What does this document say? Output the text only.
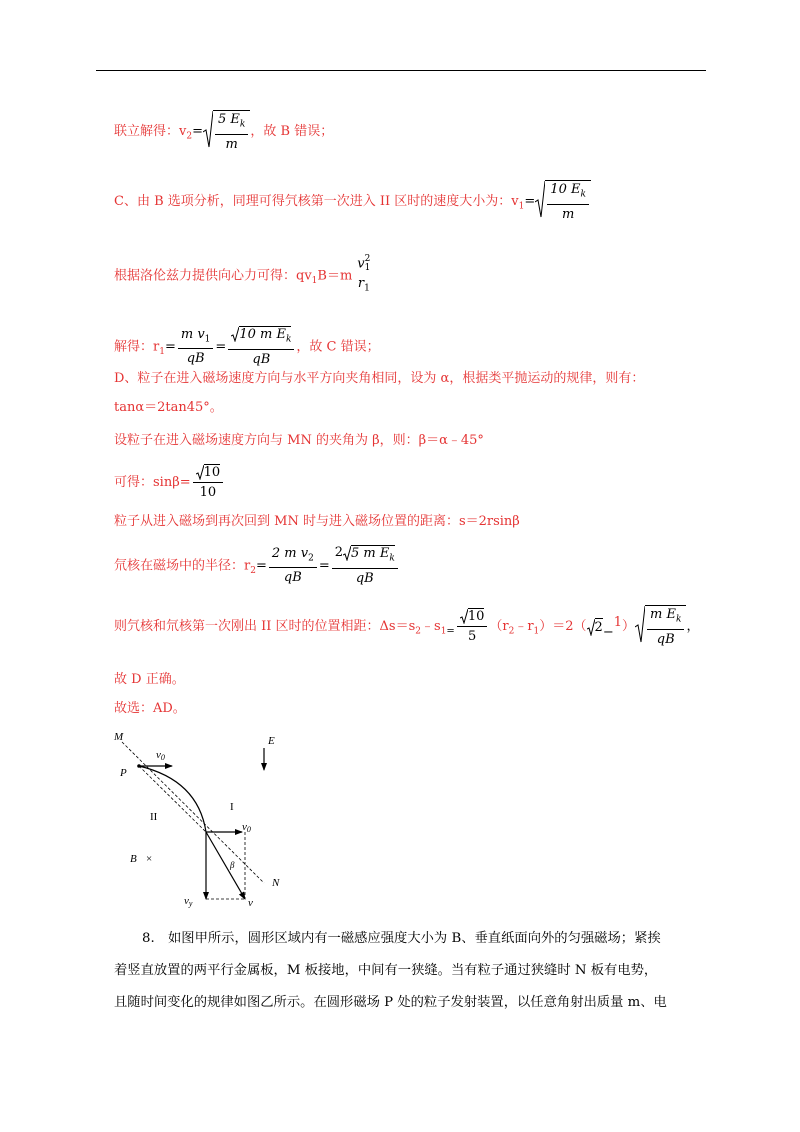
联立解得：$v_2= \frac{5 E_k}{m}$ ，故 B 错误；
C、由 B 选项分析，同理可得氕核第一次进入 II 区时的速度大小为：$v_1= \frac{10 E_k}{m}$
根据洛伦兹力提供向心力可得：$qv_1B=m$
v 2
1
$r_1$
解得：$r_1= \frac{m v_1}{qB} = \frac{10 m E_k}{qB}$ ，故 C 错误；
D、粒子在进入磁场速度方向与水平方向夹角相同，设为 α，根据类平抛运动的规律，则有：
tanα＝2tan45°。
设粒子在进入磁场速度方向与 MN 的夹角为 β，则：β＝α﹣45°
可得：$\sin\beta= \frac{10}{10}$
粒子从进入磁场到再次回到 MN 时与进入磁场位置的距离：s＝2rsinβ
氘核在磁场中的半径：$r_2= \frac{2 m v_2}{qB} = \frac{2 5 m E_k}{qB}$
则氕核和氘核第一次刚出 II 区时的位置相距：$\Delta s=s_2﹣s_{1=} \frac{10}{5}$ $(r_2﹣r_1)=2$（ $2 -1) \frac{m E_k}{qB}$ ，
故 D 正确。
故选：AD。
M
v0
P
E
I
II
v0
β
B ×
N
vy	v
8.　如图甲所示，圆形区域内有一磁感应强度大小为 B、垂直纸面向外的匀强磁场；紧挨
着竖直放置的两平行金属板，M 板接地，中间有一狭缝。当有粒子通过狭缝时 N 板有电势，
且随时间变化的规律如图乙所示。在圆形磁场 P 处的粒子发射装置，以任意角射出质量 m、电
